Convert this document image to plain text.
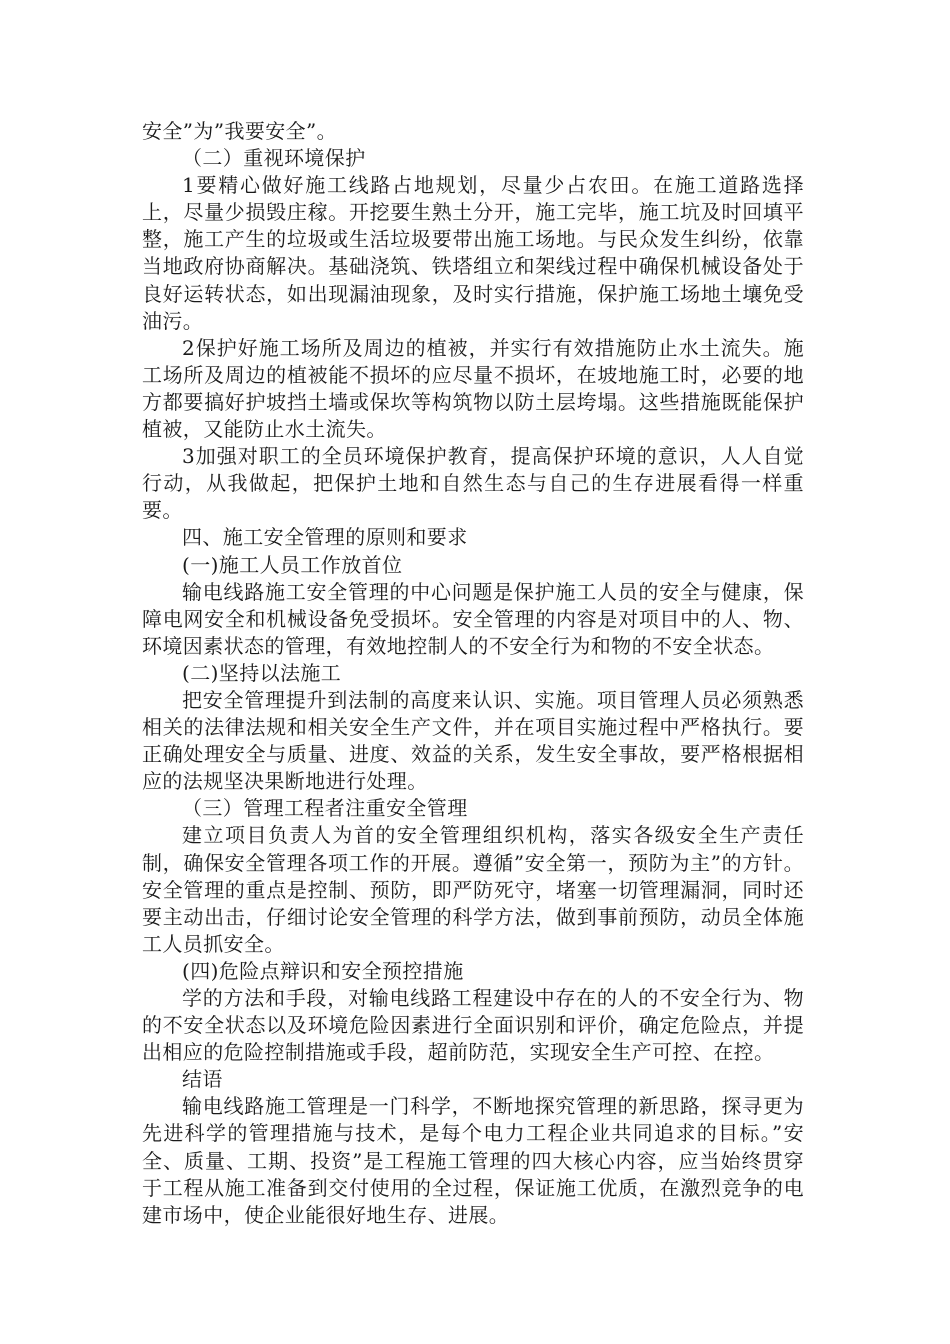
安全”为”我要安全”。

（二）重视环境保护

1要精心做好施工线路占地规划，尽量少占农田。在施工道路选择上，尽量少损毁庄稼。开挖要生熟土分开，施工完毕，施工坑及时回填平整，施工产生的垃圾或生活垃圾要带出施工场地。与民众发生纠纷，依靠当地政府协商解决。基础浇筑、铁塔组立和架线过程中确保机械设备处于良好运转状态，如出现漏油现象，及时实行措施，保护施工场地土壤免受油污。

2保护好施工场所及周边的植被，并实行有效措施防止水土流失。施工场所及周边的植被能不损坏的应尽量不损坏，在坡地施工时，必要的地方都要搞好护坡挡土墙或保坎等构筑物以防土层垮塌。这些措施既能保护植被，又能防止水土流失。

3加强对职工的全员环境保护教育，提高保护环境的意识，人人自觉行动，从我做起，把保护土地和自然生态与自己的生存进展看得一样重要。

四、施工安全管理的原则和要求

(一)施工人员工作放首位

输电线路施工安全管理的中心问题是保护施工人员的安全与健康，保障电网安全和机械设备免受损坏。安全管理的内容是对项目中的人、物、环境因素状态的管理，有效地控制人的不安全行为和物的不安全状态。

(二)坚持以法施工

把安全管理提升到法制的高度来认识、实施。项目管理人员必须熟悉相关的法律法规和相关安全生产文件，并在项目实施过程中严格执行。要正确处理安全与质量、进度、效益的关系，发生安全事故，要严格根据相应的法规坚决果断地进行处理。

（三）管理工程者注重安全管理

建立项目负责人为首的安全管理组织机构，落实各级安全生产责任制，确保安全管理各项工作的开展。遵循”安全第一，预防为主”的方针。安全管理的重点是控制、预防，即严防死守，堵塞一切管理漏洞，同时还要主动出击，仔细讨论安全管理的科学方法，做到事前预防，动员全体施工人员抓安全。

(四)危险点辩识和安全预控措施

学的方法和手段，对输电线路工程建设中存在的人的不安全行为、物的不安全状态以及环境危险因素进行全面识别和评价，确定危险点，并提出相应的危险控制措施或手段，超前防范，实现安全生产可控、在控。

结语

输电线路施工管理是一门科学，不断地探究管理的新思路，探寻更为先进科学的管理措施与技术，是每个电力工程企业共同追求的目标。”安全、质量、工期、投资”是工程施工管理的四大核心内容，应当始终贯穿于工程从施工准备到交付使用的全过程，保证施工优质，在激烈竞争的电建市场中，使企业能很好地生存、进展。
